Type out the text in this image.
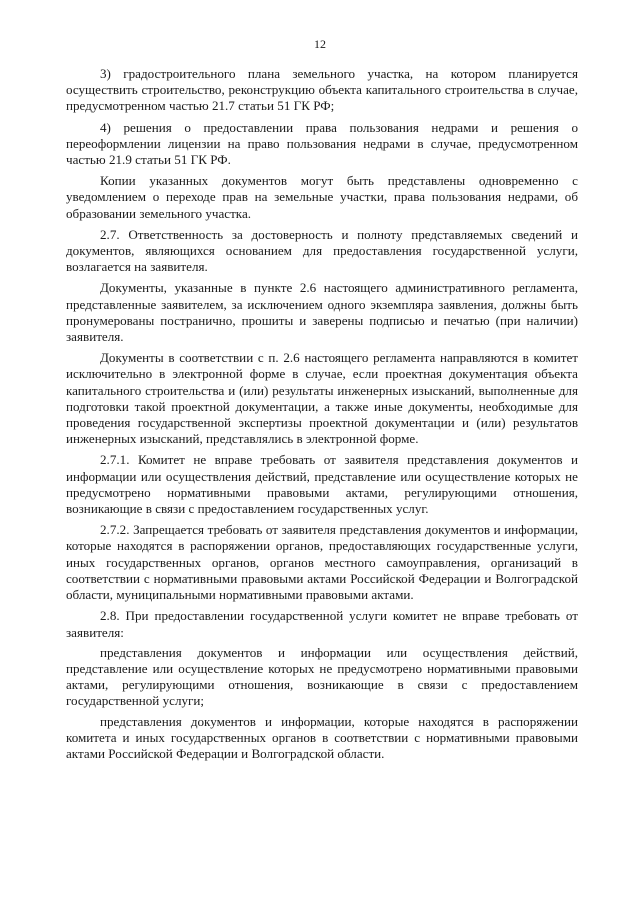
12

3) градостроительного плана земельного участка, на котором планируется осуществить строительство, реконструкцию объекта капитального строительства в случае, предусмотренном частью 21.7 статьи 51 ГК РФ;

4) решения о предоставлении права пользования недрами и решения о переоформлении лицензии на право пользования недрами в случае, предусмотренном частью 21.9 статьи 51 ГК РФ.

Копии указанных документов могут быть представлены одновременно с уведомлением о переходе прав на земельные участки, права пользования недрами, об образовании земельного участка.

2.7. Ответственность за достоверность и полноту представляемых сведений и документов, являющихся основанием для предоставления государственной услуги, возлагается на заявителя.

Документы, указанные в пункте 2.6 настоящего административного регламента, представленные заявителем, за исключением одного экземпляра заявления, должны быть пронумерованы постранично, прошиты и заверены подписью и печатью (при наличии) заявителя.

Документы в соответствии с п. 2.6 настоящего регламента направляются в комитет исключительно в электронной форме в случае, если проектная документация объекта капитального строительства и (или) результаты инженерных изысканий, выполненные для подготовки такой проектной документации, а также иные документы, необходимые для проведения государственной экспертизы проектной документации и (или) результатов инженерных изысканий, представлялись в электронной форме.

2.7.1. Комитет не вправе требовать от заявителя представления документов и информации или осуществления действий, представление или осуществление которых не предусмотрено нормативными правовыми актами, регулирующими отношения, возникающие в связи с предоставлением государственных услуг.

2.7.2. Запрещается требовать от заявителя представления документов и информации, которые находятся в распоряжении органов, предоставляющих государственные услуги, иных государственных органов, органов местного самоуправления, организаций в соответствии с нормативными правовыми актами Российской Федерации и Волгоградской области, муниципальными нормативными правовыми актами.

2.8. При предоставлении государственной услуги комитет не вправе требовать от заявителя:

представления документов и информации или осуществления действий, представление или осуществление которых не предусмотрено нормативными правовыми актами, регулирующими отношения, возникающие в связи с предоставлением государственной услуги;

представления документов и информации, которые находятся в распоряжении комитета и иных государственных органов в соответствии с нормативными правовыми актами Российской Федерации и Волгоградской области.
